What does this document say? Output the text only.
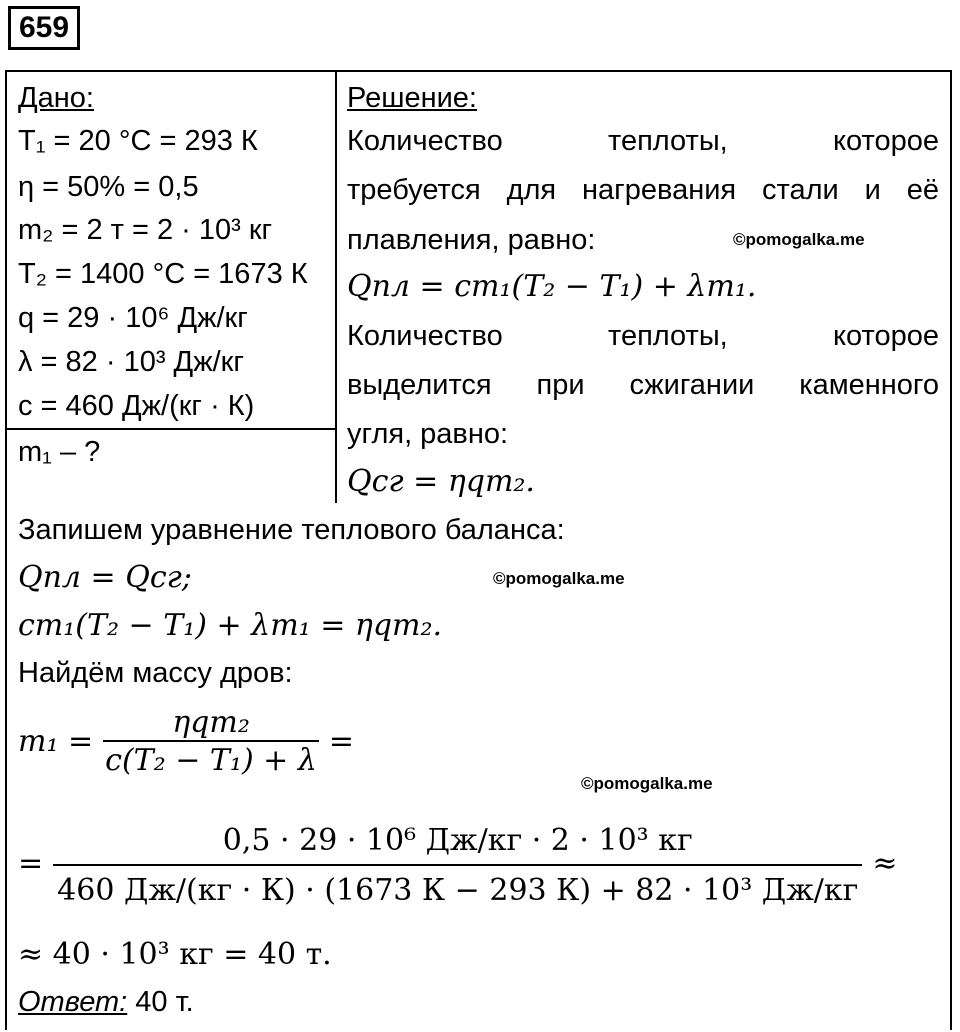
659
Дано:
T₁ = 20 °C = 293 К
η = 50% = 0,5
m₂ = 2 т = 2 · 10³ кг
T₂ = 1400 °C = 1673 К
q = 29 · 10⁶ Дж/кг
λ = 82 · 10³ Дж/кг
c = 460 Дж/(кг · К)
m₁ – ?
Решение:
Количество теплоты, которое
требуется для нагревания стали и её
плавления, равно:	©pomogalka.me
Qпл = cm₁(T₂ − T₁) + λm₁.
Количество теплоты, которое
выделится при сжигании каменного
угля, равно:
Qсг = ηqm₂.
Запишем уравнение теплового баланса:
Qпл = Qсг;	©pomogalka.me
cm₁(T₂ − T₁) + λm₁ = ηqm₂.
Найдём массу дров:
$m_1 = \frac{\text{ηqm₂}}{\text{c(T₂ − T₁) + λ}}$ =
©pomogalka.me
= $\frac{\text{0,5 · 29 · 10⁶ Дж/кг · 2 · 10³ кг}}{\text{460 Дж/(кг · К) · (1673 К − 293 К) + 82 · 10³ Дж/кг}}$ ≈
≈ 40 · 10³ кг = 40 т.
Ответ: 40 т.
